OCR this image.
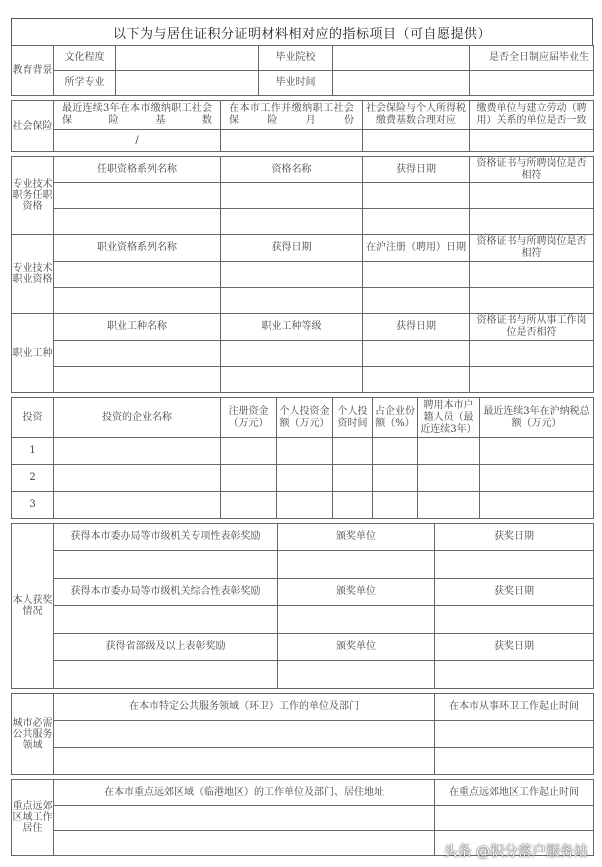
以下为与居住证积分证明材料相对应的指标项目（可自愿提供）
教育背景	文化程度		毕业院校		是否全日制应届毕业生
	所学专业		毕业时间		
社会保险	最近连续3年在本市缴纳职工社会保险基数	在本市工作并缴纳职工社会保险月份	社会保险与个人所得税缴费基数合理对应	缴费单位与建立劳动（聘用）关系的单位是否一致
	/			
专业技术职务任职资格	任职资格系列名称	资格名称	获得日期	资格证书与所聘岗位是否相符

专业技术职业资格	职业资格系列名称	获得日期	在沪注册（聘用）日期	资格证书与所聘岗位是否相符

职业工种	职业工种名称	职业工种等级	获得日期	资格证书与所从事工作岗位是否相符

投资	投资的企业名称	注册资金（万元）	个人投资金额（万元）	个人投资时间	占企业份额（%）	聘用本市户籍人员（最近连续3年）	最近连续3年在沪纳税总额（万元）
1							
2							
3							
本人获奖情况	获得本市委办局等市级机关专项性表彰奖励	颁奖单位	获奖日期

	获得本市委办局等市级机关综合性表彰奖励	颁奖单位	获奖日期

	获得省部级及以上表彰奖励	颁奖单位	获奖日期

城市必需公共服务领域	在本市特定公共服务领域（环卫）工作的单位及部门	在本市从事环卫工作起止时间

重点远郊区域工作居住	在本市重点远郊区域（临港地区）的工作单位及部门、居住地址	在重点远郊地区工作起止时间

头条 @积分落户服务站
